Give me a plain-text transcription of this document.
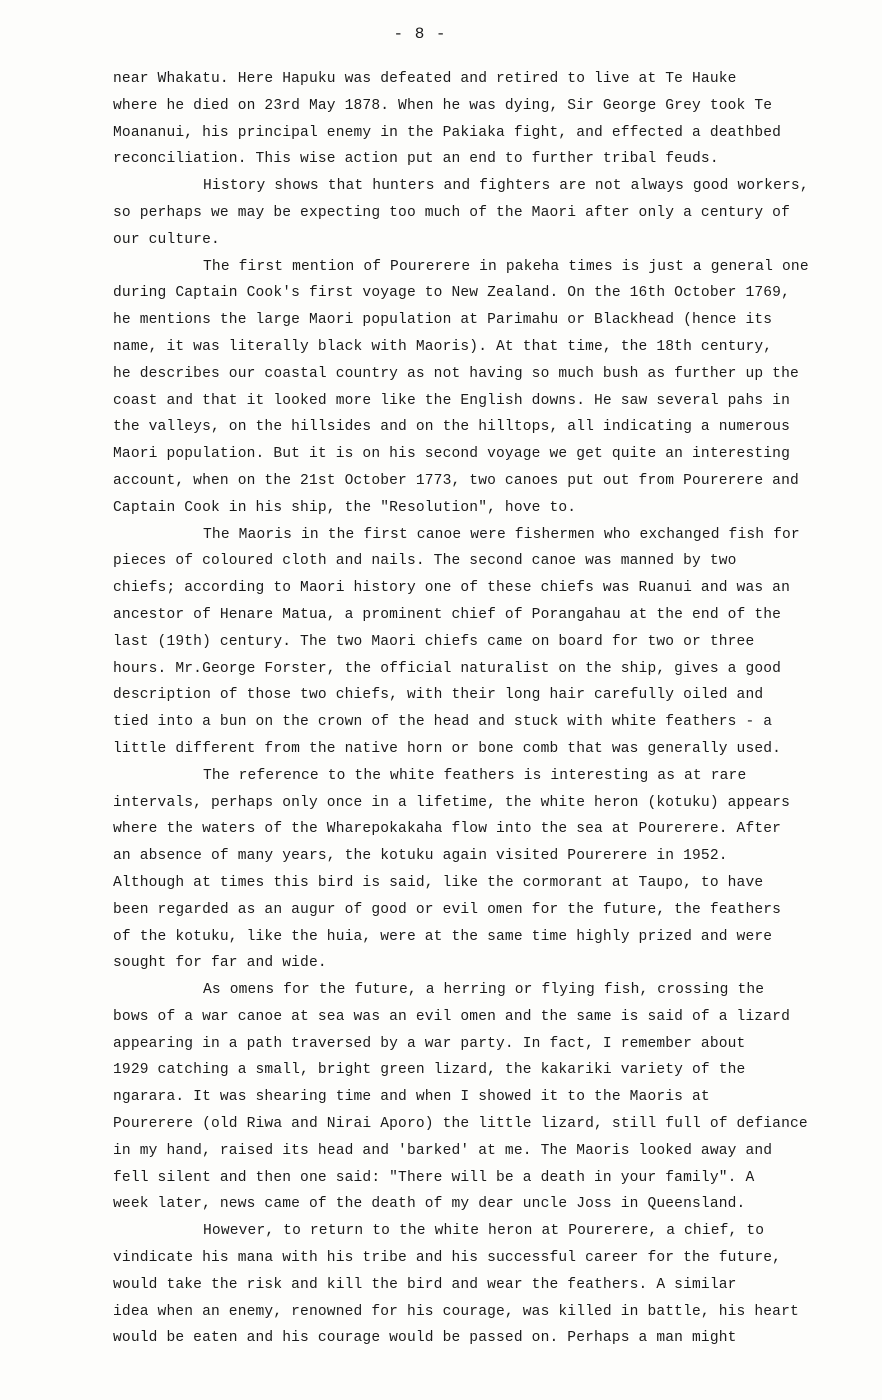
- 8 -
near Whakatu. Here Hapuku was defeated and retired to live at Te Hauke
where he died on 23rd May 1878. When he was dying, Sir George Grey took Te
Moananui, his principal enemy in the Pakiaka fight, and effected a deathbed
reconciliation. This wise action put an end to further tribal feuds.
History shows that hunters and fighters are not always good workers,
so perhaps we may be expecting too much of the Maori after only a century of
our culture.
The first mention of Pourerere in pakeha times is just a general one
during Captain Cook's first voyage to New Zealand. On the 16th October 1769,
he mentions the large Maori population at Parimahu or Blackhead (hence its
name, it was literally black with Maoris). At that time, the 18th century,
he describes our coastal country as not having so much bush as further up the
coast and that it looked more like the English downs. He saw several pahs in
the valleys, on the hillsides and on the hilltops, all indicating a numerous
Maori population. But it is on his second voyage we get quite an interesting
account, when on the 21st October 1773, two canoes put out from Pourerere and
Captain Cook in his ship, the "Resolution", hove to.
The Maoris in the first canoe were fishermen who exchanged fish for
pieces of coloured cloth and nails. The second canoe was manned by two
chiefs; according to Maori history one of these chiefs was Ruanui and was an
ancestor of Henare Matua, a prominent chief of Porangahau at the end of the
last (19th) century. The two Maori chiefs came on board for two or three
hours. Mr.George Forster, the official naturalist on the ship, gives a good
description of those two chiefs, with their long hair carefully oiled and
tied into a bun on the crown of the head and stuck with white feathers - a
little different from the native horn or bone comb that was generally used.
The reference to the white feathers is interesting as at rare
intervals, perhaps only once in a lifetime, the white heron (kotuku) appears
where the waters of the Wharepokakaha flow into the sea at Pourerere. After
an absence of many years, the kotuku again visited Pourerere in 1952.
Although at times this bird is said, like the cormorant at Taupo, to have
been regarded as an augur of good or evil omen for the future, the feathers
of the kotuku, like the huia, were at the same time highly prized and were
sought for far and wide.
As omens for the future, a herring or flying fish, crossing the
bows of a war canoe at sea was an evil omen and the same is said of a lizard
appearing in a path traversed by a war party. In fact, I remember about
1929 catching a small, bright green lizard, the kakariki variety of the
ngarara. It was shearing time and when I showed it to the Maoris at
Pourerere (old Riwa and Nirai Aporo) the little lizard, still full of defiance
in my hand, raised its head and 'barked' at me. The Maoris looked away and
fell silent and then one said: "There will be a death in your family". A
week later, news came of the death of my dear uncle Joss in Queensland.
However, to return to the white heron at Pourerere, a chief, to
vindicate his mana with his tribe and his successful career for the future,
would take the risk and kill the bird and wear the feathers. A similar
idea when an enemy, renowned for his courage, was killed in battle, his heart
would be eaten and his courage would be passed on. Perhaps a man might
